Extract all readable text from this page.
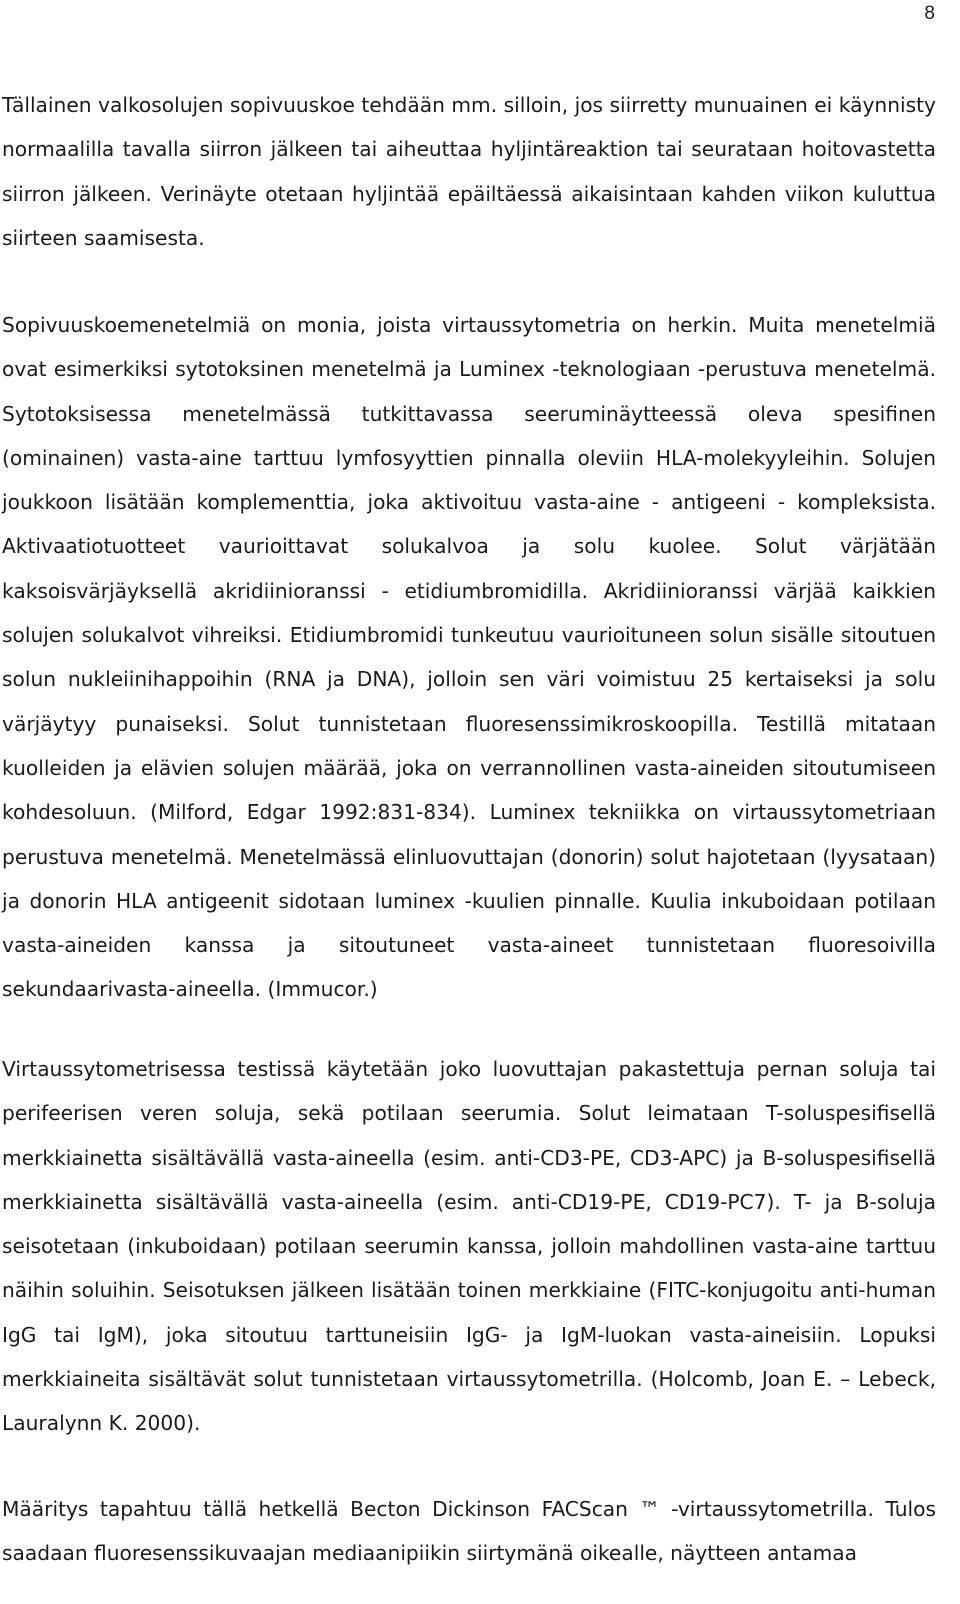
8

Tällainen valkosolujen sopivuuskoe tehdään mm. silloin, jos siirretty munuainen ei käynnisty normaalilla tavalla siirron jälkeen tai aiheuttaa hyljintäreaktion tai seurataan hoitovastetta siirron jälkeen. Verinäyte otetaan hyljintää epäiltäessä aikaisintaan kahden viikon kuluttua siirteen saamisesta.

Sopivuuskoemenetelmiä on monia, joista virtaussytometria on herkin. Muita menetelmiä ovat esimerkiksi sytotoksinen menetelmä ja Luminex -teknologiaan -perustuva menetelmä. Sytotoksisessa menetelmässä tutkittavassa seeruminäytteessä oleva spesifinen (ominainen) vasta-aine tarttuu lymfosyyttien pinnalla oleviin HLA-molekyyleihin. Solujen joukkoon lisätään komplementtia, joka aktivoituu vasta-aine - antigeeni - kompleksista. Aktivaatiotuotteet vaurioittavat solukalvoa ja solu kuolee. Solut värjätään kaksoisvärjäyksellä akridiinioranssi - etidiumbromidilla. Akridiinioranssi värjää kaikkien solujen solukalvot vihreiksi. Etidiumbromidi tunkeutuu vaurioituneen solun sisälle sitoutuen solun nukleiinihappoihin (RNA ja DNA), jolloin sen väri voimistuu 25 kertaiseksi ja solu värjäytyy punaiseksi. Solut tunnistetaan fluoresenssimikroskoopilla. Testillä mitataan kuolleiden ja elävien solujen määrää, joka on verrannollinen vasta-aineiden sitoutumiseen kohdesoluun. (Milford, Edgar 1992:831-834). Luminex tekniikka on virtaussytometriaan perustuva menetelmä. Menetelmässä elinluovuttajan (donorin) solut hajotetaan (lyysataan) ja donorin HLA antigeenit sidotaan luminex -kuulien pinnalle. Kuulia inkuboidaan potilaan vasta-aineiden kanssa ja sitoutuneet vasta-aineet tunnistetaan fluoresoivilla sekundaarivasta-aineella. (Immucor.)

Virtaussytometrisessa testissä käytetään joko luovuttajan pakastettuja pernan soluja tai perifeerisen veren soluja, sekä potilaan seerumia. Solut leimataan T-soluspesifisellä merkkiainetta sisältävällä vasta-aineella (esim. anti-CD3-PE, CD3-APC) ja B-soluspesifisellä merkkiainetta sisältävällä vasta-aineella (esim. anti-CD19-PE, CD19-PC7). T- ja B-soluja seisotetaan (inkuboidaan) potilaan seerumin kanssa, jolloin mahdollinen vasta-aine tarttuu näihin soluihin. Seisotuksen jälkeen lisätään toinen merkkiaine (FITC-konjugoitu anti-human IgG tai IgM), joka sitoutuu tarttuneisiin IgG- ja IgM-luokan vasta-aineisiin. Lopuksi merkkiaineita sisältävät solut tunnistetaan virtaussytometrilla. (Holcomb, Joan E. – Lebeck, Lauralynn K. 2000).

Määritys tapahtuu tällä hetkellä Becton Dickinson FACScan ™ -virtaussytometrilla. Tulos saadaan fluoresenssikuvaajan mediaanipiikin siirtymänä oikealle, näytteen antamaa
